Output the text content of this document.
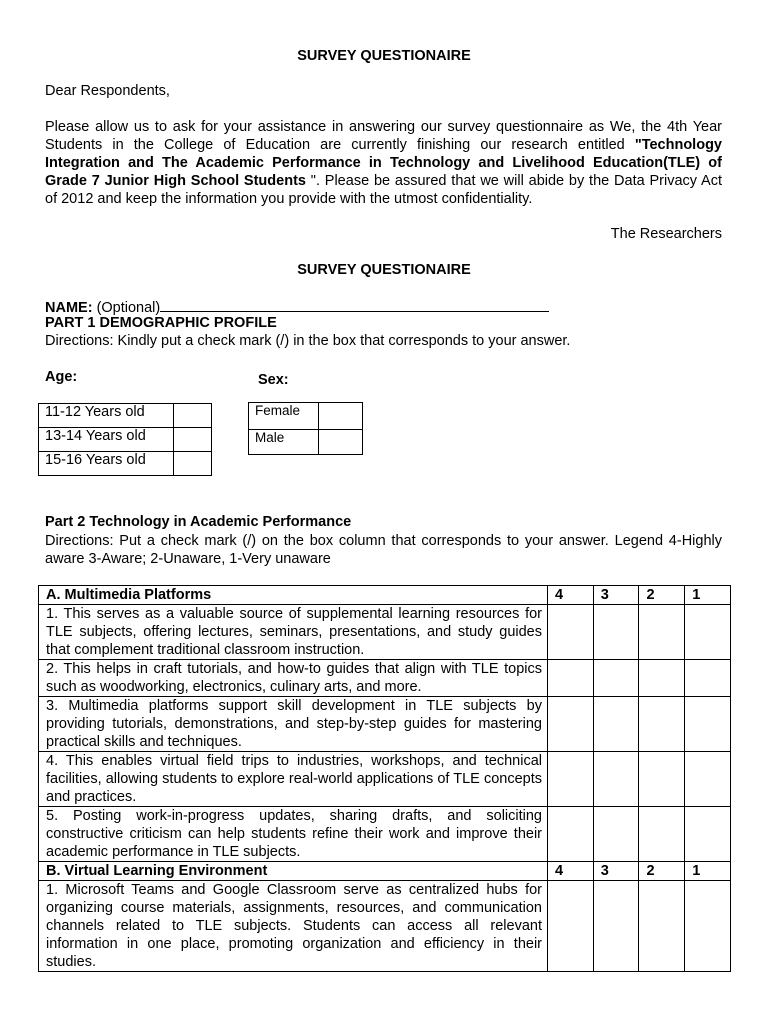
SURVEY QUESTIONAIRE
Dear Respondents,
Please allow us to ask for your assistance in answering our survey questionnaire as We, the 4th Year Students in the College of Education are currently finishing our research entitled "Technology Integration and The Academic Performance in Technology and Livelihood Education(TLE) of Grade 7 Junior High School Students ". Please be assured that we will abide by the Data Privacy Act of 2012 and keep the information you provide with the utmost confidentiality.
The Researchers
SURVEY QUESTIONAIRE
NAME: (Optional)
PART 1 DEMOGRAPHIC PROFILE
Directions: Kindly put a check mark (/) in the box that corresponds to your answer.
Age:	Sex:
11-12 Years old	
13-14 Years old	
15-16 Years old	
Female	
Male	
Part 2 Technology in Academic Performance
Directions: Put a check mark (/) on the box column that corresponds to your answer. Legend 4-Highly aware 3-Aware; 2-Unaware, 1-Very unaware
A. Multimedia Platforms	4	3	2	1
1. This serves as a valuable source of supplemental learning resources for TLE subjects, offering lectures, seminars, presentations, and study guides that complement traditional classroom instruction.				
2. This helps in craft tutorials, and how-to guides that align with TLE topics such as woodworking, electronics, culinary arts, and more.				
3. Multimedia platforms support skill development in TLE subjects by providing tutorials, demonstrations, and step-by-step guides for mastering practical skills and techniques.				
4. This enables virtual field trips to industries, workshops, and technical facilities, allowing students to explore real-world applications of TLE concepts and practices.				
5. Posting work-in-progress updates, sharing drafts, and soliciting constructive criticism can help students refine their work and improve their academic performance in TLE subjects.				
B. Virtual Learning Environment	4	3	2	1
1. Microsoft Teams and Google Classroom serve as centralized hubs for organizing course materials, assignments, resources, and communication channels related to TLE subjects. Students can access all relevant information in one place, promoting organization and efficiency in their studies.				
